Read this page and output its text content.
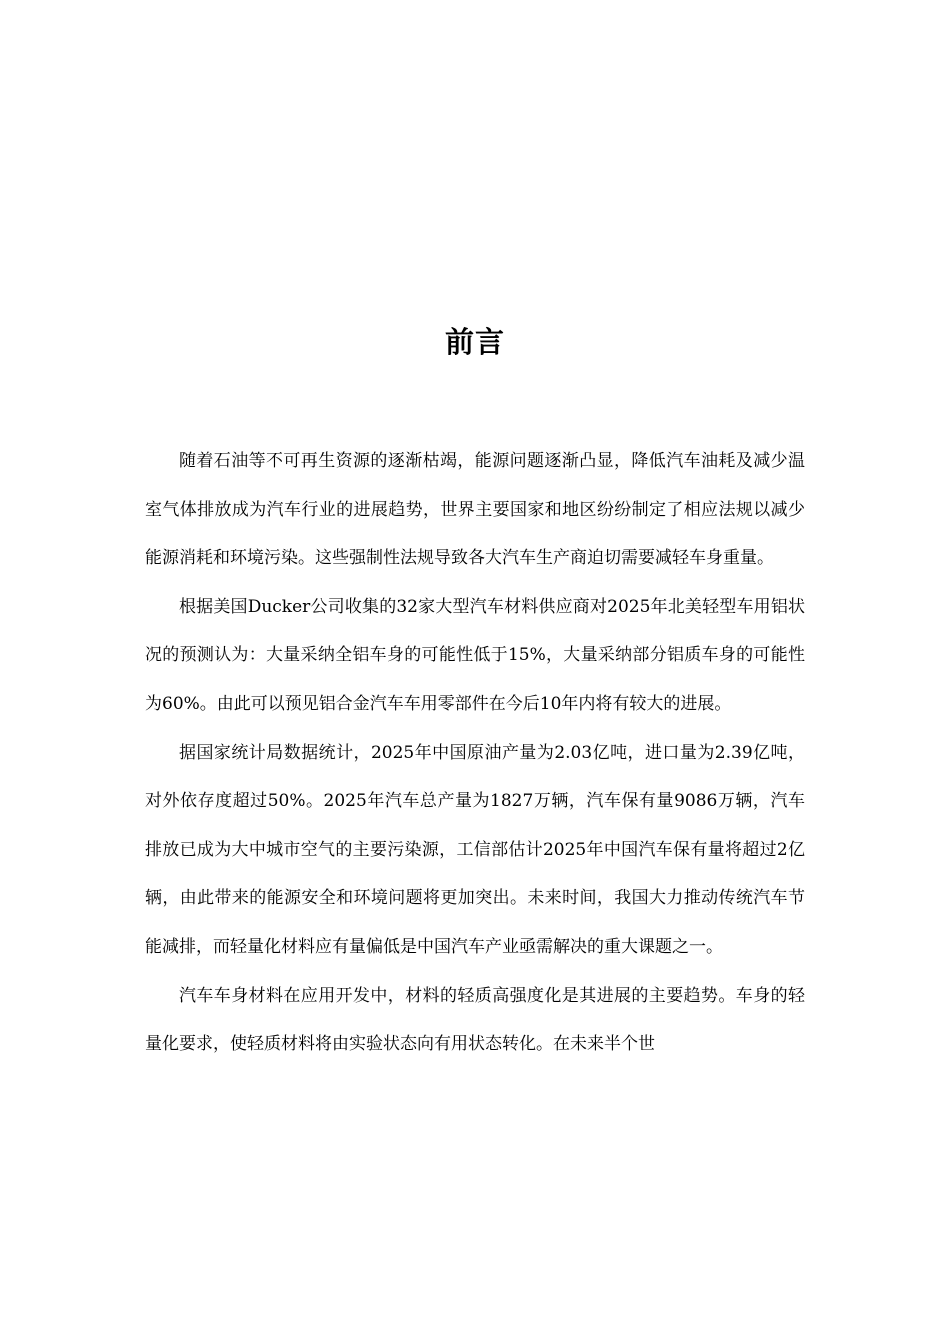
前言

随着石油等不可再生资源的逐渐枯竭，能源问题逐渐凸显，降低汽车油耗及减少温室气体排放成为汽车行业的进展趋势，世界主要国家和地区纷纷制定了相应法规以减少能源消耗和环境污染。这些强制性法规导致各大汽车生产商迫切需要减轻车身重量。

根据美国Ducker公司收集的32家大型汽车材料供应商对2025年北美轻型车用铝状况的预测认为：大量采纳全铝车身的可能性低于15%，大量采纳部分铝质车身的可能性为60%。由此可以预见铝合金汽车车用零部件在今后10年内将有较大的进展。

据国家统计局数据统计，2025年中国原油产量为2.03亿吨，进口量为2.39亿吨，对外依存度超过50%。2025年汽车总产量为1827万辆，汽车保有量9086万辆，汽车排放已成为大中城市空气的主要污染源，工信部估计2025年中国汽车保有量将超过2亿辆，由此带来的能源安全和环境问题将更加突出。未来时间，我国大力推动传统汽车节能减排，而轻量化材料应有量偏低是中国汽车产业亟需解决的重大课题之一。

汽车车身材料在应用开发中，材料的轻质高强度化是其进展的主要趋势。车身的轻量化要求，使轻质材料将由实验状态向有用状态转化。在未来半个世
